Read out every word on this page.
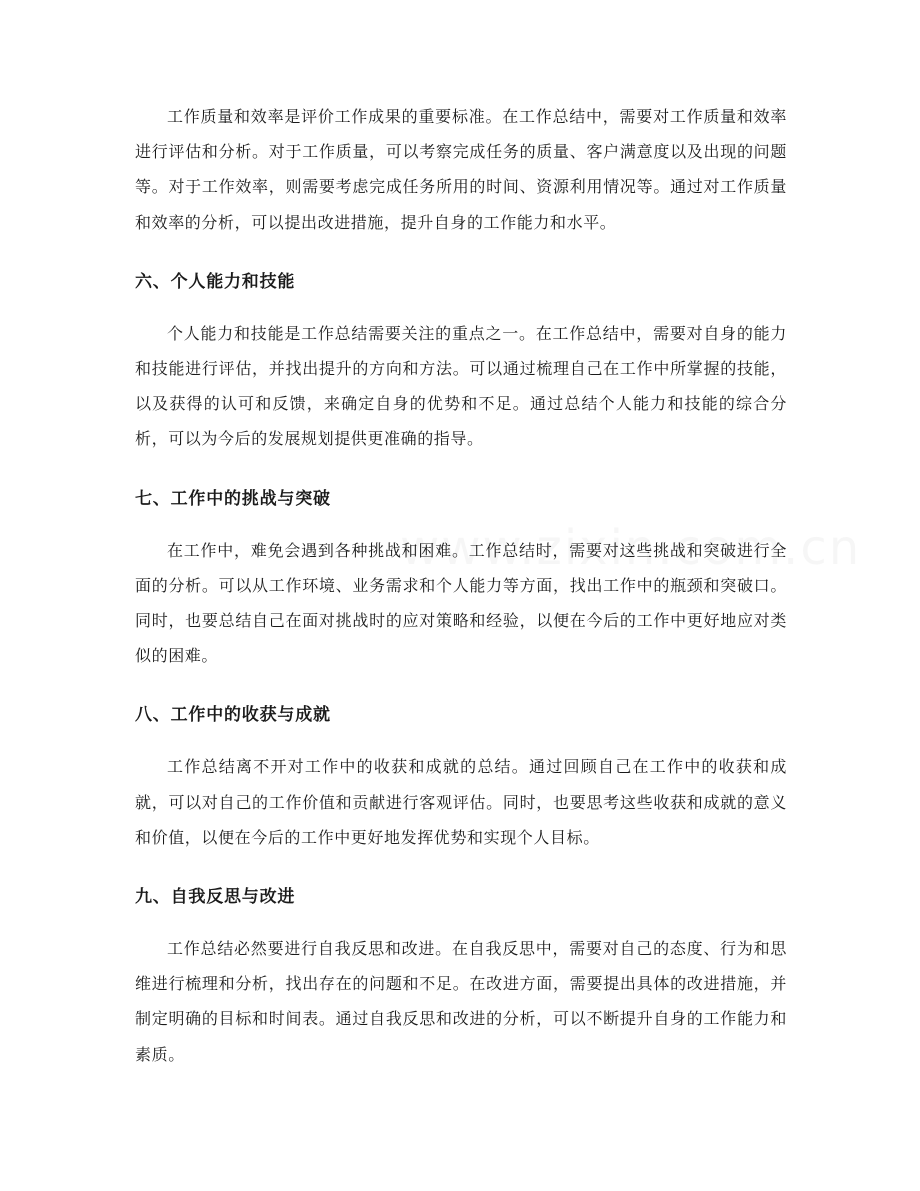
工作质量和效率是评价工作成果的重要标准。在工作总结中，需要对工作质量和效率进行评估和分析。对于工作质量，可以考察完成任务的质量、客户满意度以及出现的问题等。对于工作效率，则需要考虑完成任务所用的时间、资源利用情况等。通过对工作质量和效率的分析，可以提出改进措施，提升自身的工作能力和水平。

六、个人能力和技能

个人能力和技能是工作总结需要关注的重点之一。在工作总结中，需要对自身的能力和技能进行评估，并找出提升的方向和方法。可以通过梳理自己在工作中所掌握的技能，以及获得的认可和反馈，来确定自身的优势和不足。通过总结个人能力和技能的综合分析，可以为今后的发展规划提供更准确的指导。

七、工作中的挑战与突破

在工作中，难免会遇到各种挑战和困难。工作总结时，需要对这些挑战和突破进行全面的分析。可以从工作环境、业务需求和个人能力等方面，找出工作中的瓶颈和突破口。同时，也要总结自己在面对挑战时的应对策略和经验，以便在今后的工作中更好地应对类似的困难。

八、工作中的收获与成就

工作总结离不开对工作中的收获和成就的总结。通过回顾自己在工作中的收获和成就，可以对自己的工作价值和贡献进行客观评估。同时，也要思考这些收获和成就的意义和价值，以便在今后的工作中更好地发挥优势和实现个人目标。

九、自我反思与改进

工作总结必然要进行自我反思和改进。在自我反思中，需要对自己的态度、行为和思维进行梳理和分析，找出存在的问题和不足。在改进方面，需要提出具体的改进措施，并制定明确的目标和时间表。通过自我反思和改进的分析，可以不断提升自身的工作能力和素质。
